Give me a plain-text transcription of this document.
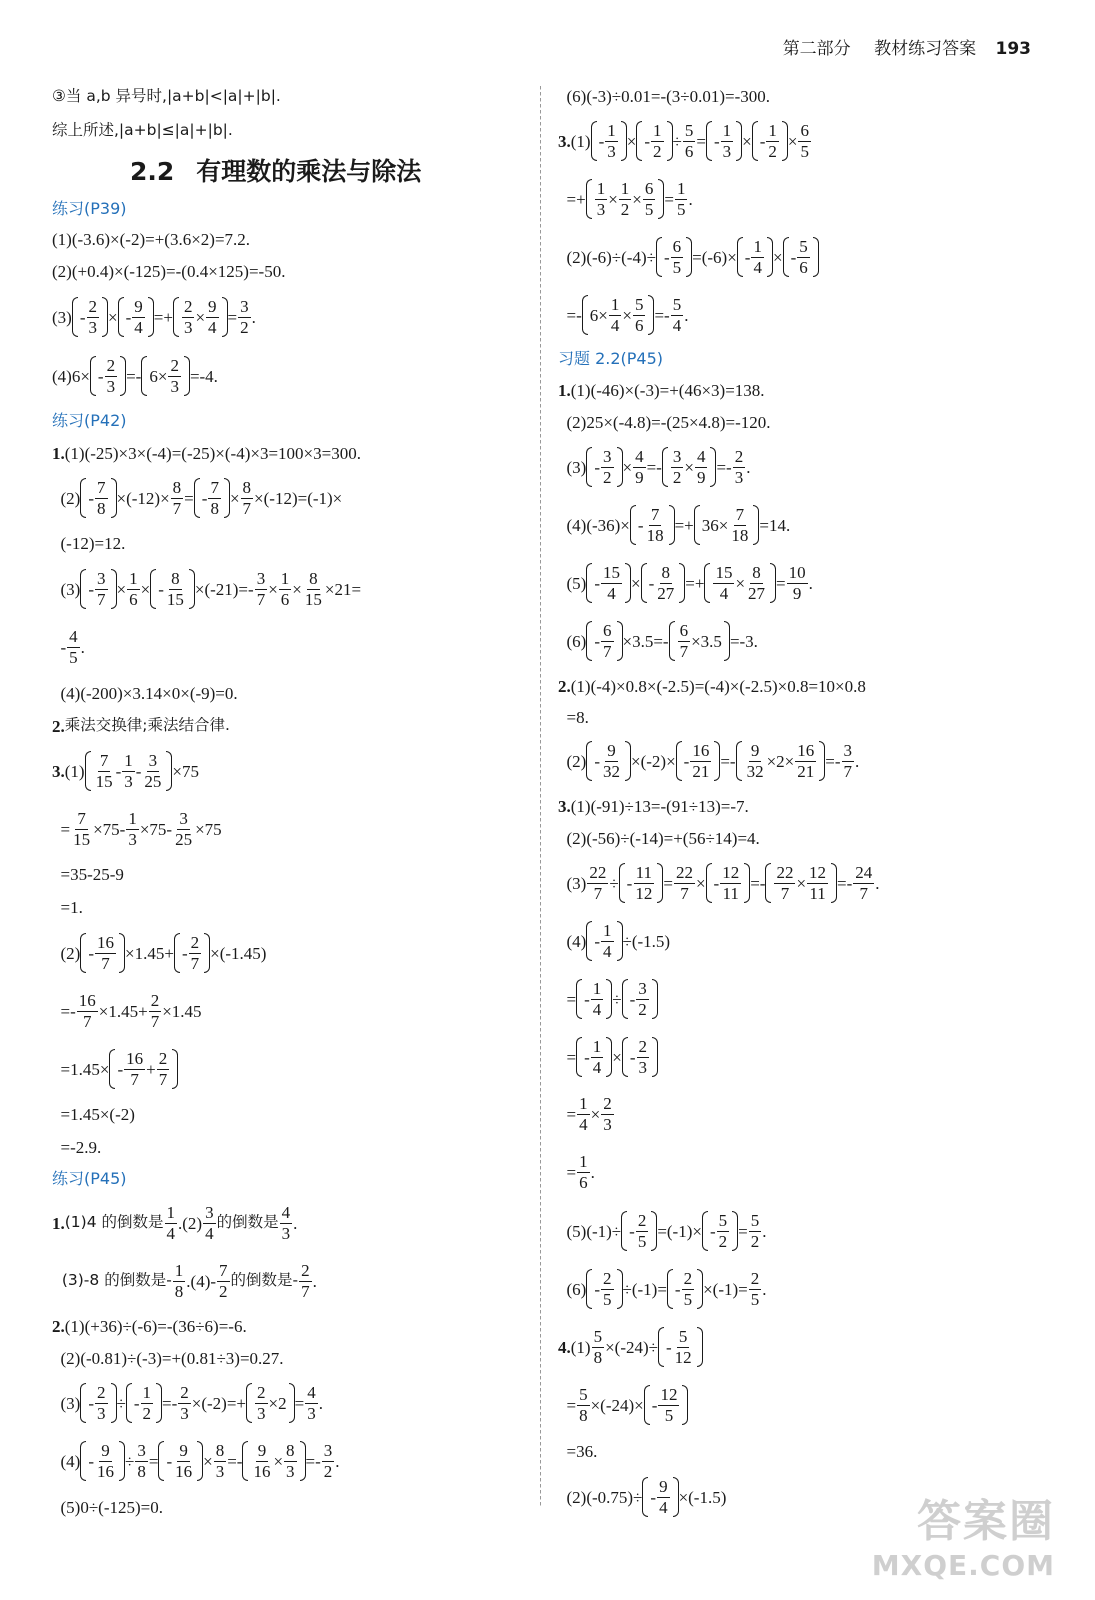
第二部分 教材练习答案 193
③当 a,b 异号时,|a+b|<|a|+|b|.
综上所述,|a+b|≤|a|+|b|.
2.2 有理数的乘法与除法
练习(P39)
(1)(-3.6)×(-2)=+(3.6×2)=7.2.
(2)(+0.4)×(-125)=-(0.4×125)=-50.
$(3) - \frac{2}{3}$ × - $\frac{9}{4} =+ \frac{2}{3} \times \frac{9}{4} = \frac{3}{2}$ .
$(4)6\times - \frac{2}{3} =- 6\times \frac{2}{3} =-4$.
练习(P42)
1. (1)(-25)×3×(-4)=(-25)×(-4)×3=100×3=300.
$(2) - \frac{7}{8} \times(-12)\times \frac{8}{7}$ = - $\frac{7}{8} \times \frac{8}{7} \times(-12)=(-1)\times$
(-12)=12.
$(3) - \frac{3}{7} \times \frac{1}{6}$ × - $\frac{8}{15} \times(-21)=- \frac{3}{7} \times \frac{1}{6} \times \frac{8}{15} \times 21=$
- $\frac{4}{5}$ .
(4)(-200)×3.14×0×(-9)=0.
2. 乘法交换律;乘法结合律.
3. $(1) \frac{7}{15} - \frac{1}{3} - \frac{3}{25} \times 75$
= $\frac{7}{15} \times 75- \frac{1}{3} \times 75- \frac{3}{25} \times 75$
=35-25-9
=1.
$(2) - \frac{16}{7} \times 1.45+ - \frac{2}{7} \times(-1.45)$
=- $\frac{16}{7} \times 1.45+ \frac{2}{7} \times 1.45$
$=1.45\times - \frac{16}{7} + \frac{2}{7}$
=1.45×(-2)
=-2.9.
练习(P45)
1. (1)4 的倒数是 $\frac{1}{4} .(2) \frac{3}{4}$ 的倒数是 $\frac{4}{3}$ .
(3)-8 的倒数是- $\frac{1}{8} .(4)- \frac{7}{2}$ 的倒数是- $\frac{2}{7}$ .
2. (1)(+36)÷(-6)=-(36÷6)=-6.
(2)(-0.81)÷(-3)=+(0.81÷3)=0.27.
$(3) - \frac{2}{3}$ ÷ - $\frac{1}{2} =- \frac{2}{3} \times(-2)=+ \frac{2}{3} \times 2 = \frac{4}{3}$ .
$(4) - \frac{9}{16} \div \frac{3}{8}$ = - $\frac{9}{16} \times \frac{8}{3} =- \frac{9}{16} \times \frac{8}{3} =- \frac{3}{2}$ .
(5)0÷(-125)=0.
(6)(-3)÷0.01=-(3÷0.01)=-300.
3. $(1) - \frac{1}{3}$ × - $\frac{1}{2} \div \frac{5}{6}$ = - $\frac{1}{3}$ × - $\frac{1}{2} \times \frac{6}{5}$
=+ $\frac{1}{3} \times \frac{1}{2} \times \frac{6}{5} = \frac{1}{5}$ .
$(2)(-6)\div(-4)\div - \frac{6}{5} =(-6)\times - \frac{1}{4}$ × - $\frac{5}{6}$
=- $6\times \frac{1}{4} \times \frac{5}{6} =- \frac{5}{4}$ .
习题 2.2(P45)
1. (1)(-46)×(-3)=+(46×3)=138.
(2)25×(-4.8)=-(25×4.8)=-120.
$(3) - \frac{3}{2} \times \frac{4}{9} =- \frac{3}{2} \times \frac{4}{9} =- \frac{2}{3}$ .
$(4)(-36)\times - \frac{7}{18} =+ 36\times \frac{7}{18} =14$.
$(5) - \frac{15}{4}$ × - $\frac{8}{27} =+ \frac{15}{4} \times \frac{8}{27} = \frac{10}{9}$ .
$(6) - \frac{6}{7} \times 3.5=- \frac{6}{7} \times 3.5 =-3$.
2. (1)(-4)×0.8×(-2.5)=(-4)×(-2.5)×0.8=10×0.8
=8.
$(2) - \frac{9}{32} \times(-2)\times - \frac{16}{21} =- \frac{9}{32} \times 2\times \frac{16}{21} =- \frac{3}{7}$ .
3. (1)(-91)÷13=-(91÷13)=-7.
(2)(-56)÷(-14)=+(56÷14)=4.
$(3) \frac{22}{7}$ ÷ - $\frac{11}{12} = \frac{22}{7}$ × - $\frac{12}{11} =- \frac{22}{7} \times \frac{12}{11} =- \frac{24}{7}$ .
$(4) - \frac{1}{4} \div(-1.5)$
= - $\frac{1}{4}$ ÷ - $\frac{3}{2}$
= - $\frac{1}{4}$ × - $\frac{2}{3}$
= $\frac{1}{4} \times \frac{2}{3}$
= $\frac{1}{6}$ .
$(5)(-1)\div - \frac{2}{5} =(-1)\times - \frac{5}{2} = \frac{5}{2}$ .
$(6) - \frac{2}{5} \div(-1)= - \frac{2}{5} \times(-1)= \frac{2}{5}$ .
4. $(1) \frac{5}{8} \times(-24)\div - \frac{5}{12}$
= $\frac{5}{8} \times(-24)\times - \frac{12}{5}$
=36.
$(2)(-0.75)\div - \frac{9}{4} \times(-1.5)$	答案圈
MXQE.COM
